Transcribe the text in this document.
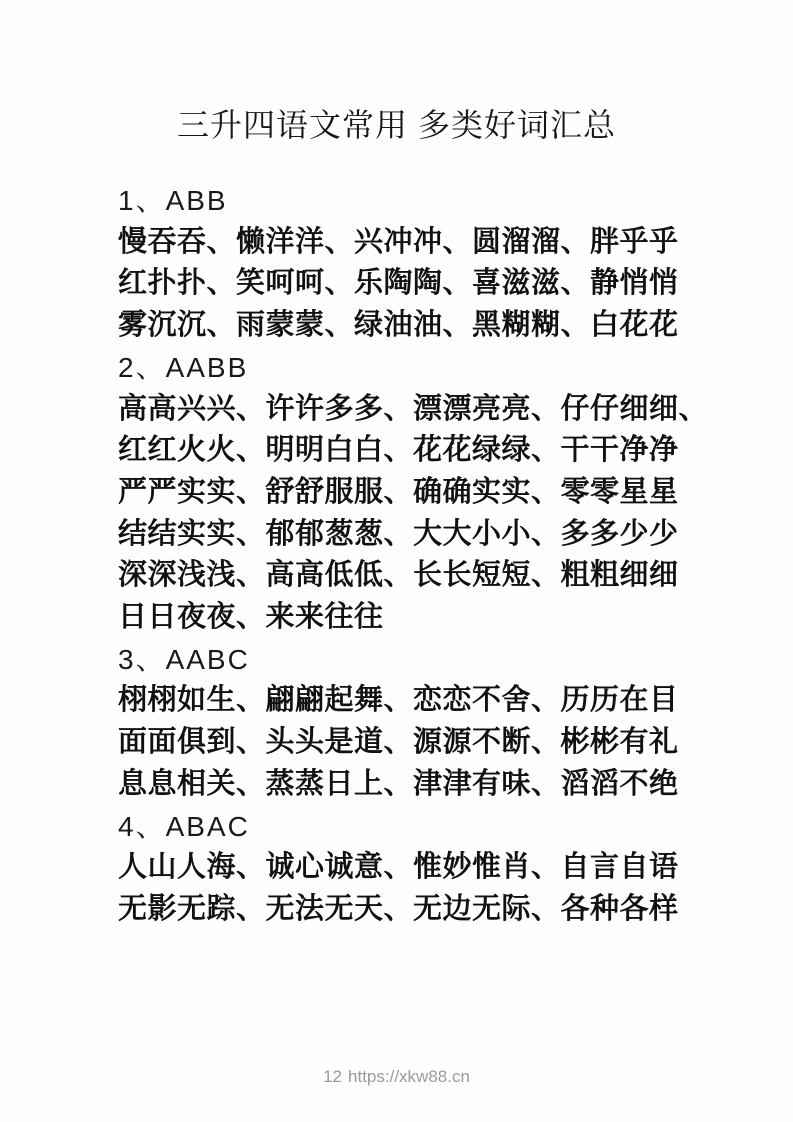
三升四语文常用 多类好词汇总
1、ABB
慢吞吞、懒洋洋、兴冲冲、圆溜溜、胖乎乎
红扑扑、笑呵呵、乐陶陶、喜滋滋、静悄悄
雾沉沉、雨蒙蒙、绿油油、黑糊糊、白花花
2、AABB
高高兴兴、许许多多、漂漂亮亮、仔仔细细、
红红火火、明明白白、花花绿绿、干干净净
严严实实、舒舒服服、确确实实、零零星星
结结实实、郁郁葱葱、大大小小、多多少少
深深浅浅、高高低低、长长短短、粗粗细细
日日夜夜、来来往往
3、AABC
栩栩如生、翩翩起舞、恋恋不舍、历历在目
面面俱到、头头是道、源源不断、彬彬有礼
息息相关、蒸蒸日上、津津有味、滔滔不绝
4、ABAC
人山人海、诚心诚意、惟妙惟肖、自言自语
无影无踪、无法无天、无边无际、各种各样
12 https://xkw88.cn
